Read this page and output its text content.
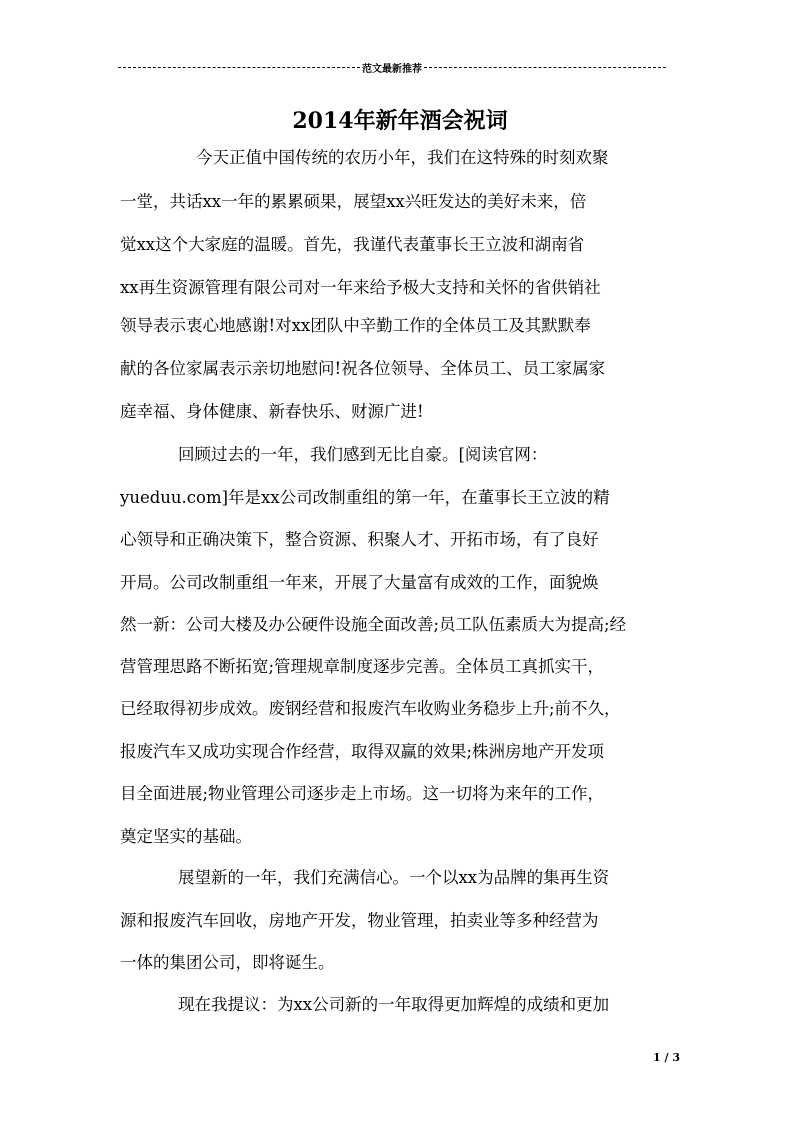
范文最新推荐
2014年新年酒会祝词
今天正值中国传统的农历小年，我们在这特殊的时刻欢聚
一堂，共话xx一年的累累硕果，展望xx兴旺发达的美好未来，倍
觉xx这个大家庭的温暖。首先，我谨代表董事长王立波和湖南省
xx再生资源管理有限公司对一年来给予极大支持和关怀的省供销社
领导表示衷心地感谢!对xx团队中辛勤工作的全体员工及其默默奉
献的各位家属表示亲切地慰问!祝各位领导、全体员工、员工家属家
庭幸福、身体健康、新春快乐、财源广进!
回顾过去的一年，我们感到无比自豪。[阅读官网：
yueduu.com]年是xx公司改制重组的第一年，在董事长王立波的精
心领导和正确决策下，整合资源、积聚人才、开拓市场，有了良好
开局。公司改制重组一年来，开展了大量富有成效的工作，面貌焕
然一新：公司大楼及办公硬件设施全面改善;员工队伍素质大为提高;经
营管理思路不断拓宽;管理规章制度逐步完善。全体员工真抓实干，
已经取得初步成效。废钢经营和报废汽车收购业务稳步上升;前不久，
报废汽车又成功实现合作经营，取得双赢的效果;株洲房地产开发项
目全面进展;物业管理公司逐步走上市场。这一切将为来年的工作，
奠定坚实的基础。
展望新的一年，我们充满信心。一个以xx为品牌的集再生资
源和报废汽车回收，房地产开发，物业管理，拍卖业等多种经营为
一体的集团公司，即将诞生。
现在我提议：为xx公司新的一年取得更加辉煌的成绩和更加
1 / 3
